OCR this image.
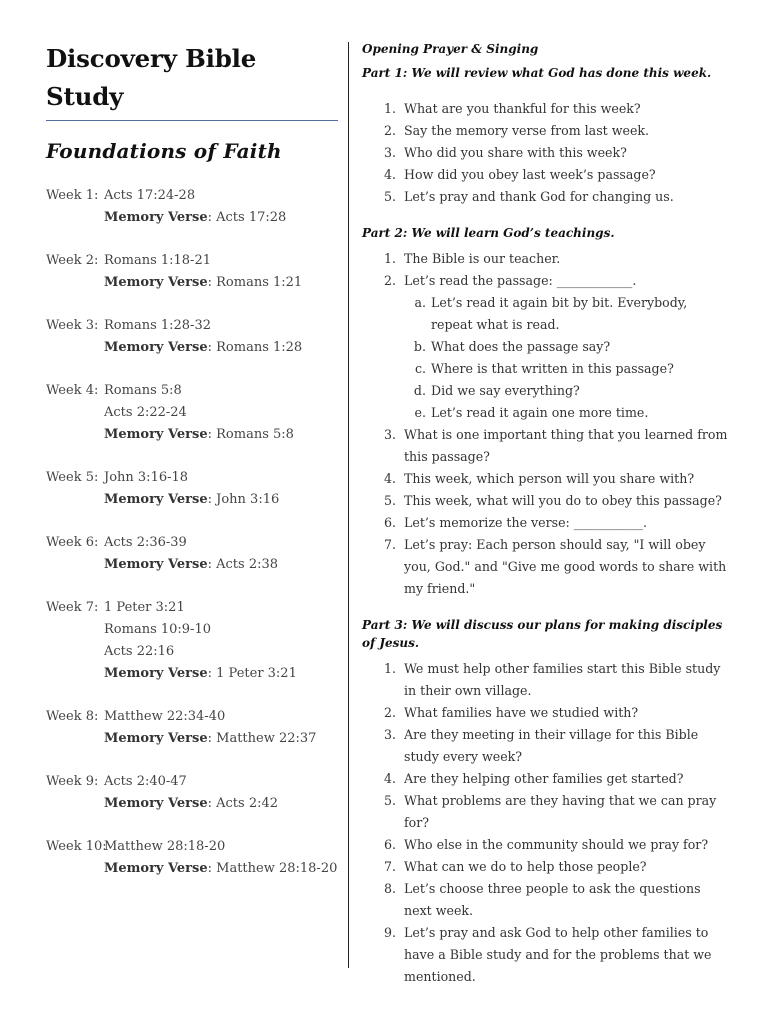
Discovery Bible Study
Foundations of Faith
Week 1: Acts 17:24-28
Memory Verse: Acts 17:28
Week 2: Romans 1:18-21
Memory Verse: Romans 1:21
Week 3: Romans 1:28-32
Memory Verse: Romans 1:28
Week 4: Romans 5:8
Acts 2:22-24
Memory Verse: Romans 5:8
Week 5: John 3:16-18
Memory Verse: John 3:16
Week 6: Acts 2:36-39
Memory Verse: Acts 2:38
Week 7: 1 Peter 3:21
Romans 10:9-10
Acts 22:16
Memory Verse: 1 Peter 3:21
Week 8: Matthew 22:34-40
Memory Verse: Matthew 22:37
Week 9: Acts 2:40-47
Memory Verse: Acts 2:42
Week 10:
Matthew 28:18-20
Memory Verse: Matthew 28:18-20

Opening Prayer & Singing

Part 1: We will review what God has done this week.

1. What are you thankful for this week?
2. Say the memory verse from last week.
3. Who did you share with this week?
4. How did you obey last week’s passage?
5. Let’s pray and thank God for changing us.

Part 2: We will learn God’s teachings.

1. The Bible is our teacher.
2. Let’s read the passage: ____________.
a. Let’s read it again bit by bit. Everybody, repeat what is read.
b. What does the passage say?
c. Where is that written in this passage?
d. Did we say everything?
e. Let’s read it again one more time.
3. What is one important thing that you learned from this passage?
4. This week, which person will you share with?
5. This week, what will you do to obey this passage?
6. Let’s memorize the verse: ___________.
7. Let’s pray: Each person should say, "I will obey you, God." and "Give me good words to share with my friend."

Part 3: We will discuss our plans for making disciples of Jesus.

1. We must help other families start this Bible study in their own village.
2. What families have we studied with?
3. Are they meeting in their village for this Bible study every week?
4. Are they helping other families get started?
5. What problems are they having that we can pray for?
6. Who else in the community should we pray for?
7. What can we do to help those people?
8. Let’s choose three people to ask the questions next week.
9. Let’s pray and ask God to help other families to have a Bible study and for the problems that we mentioned.
